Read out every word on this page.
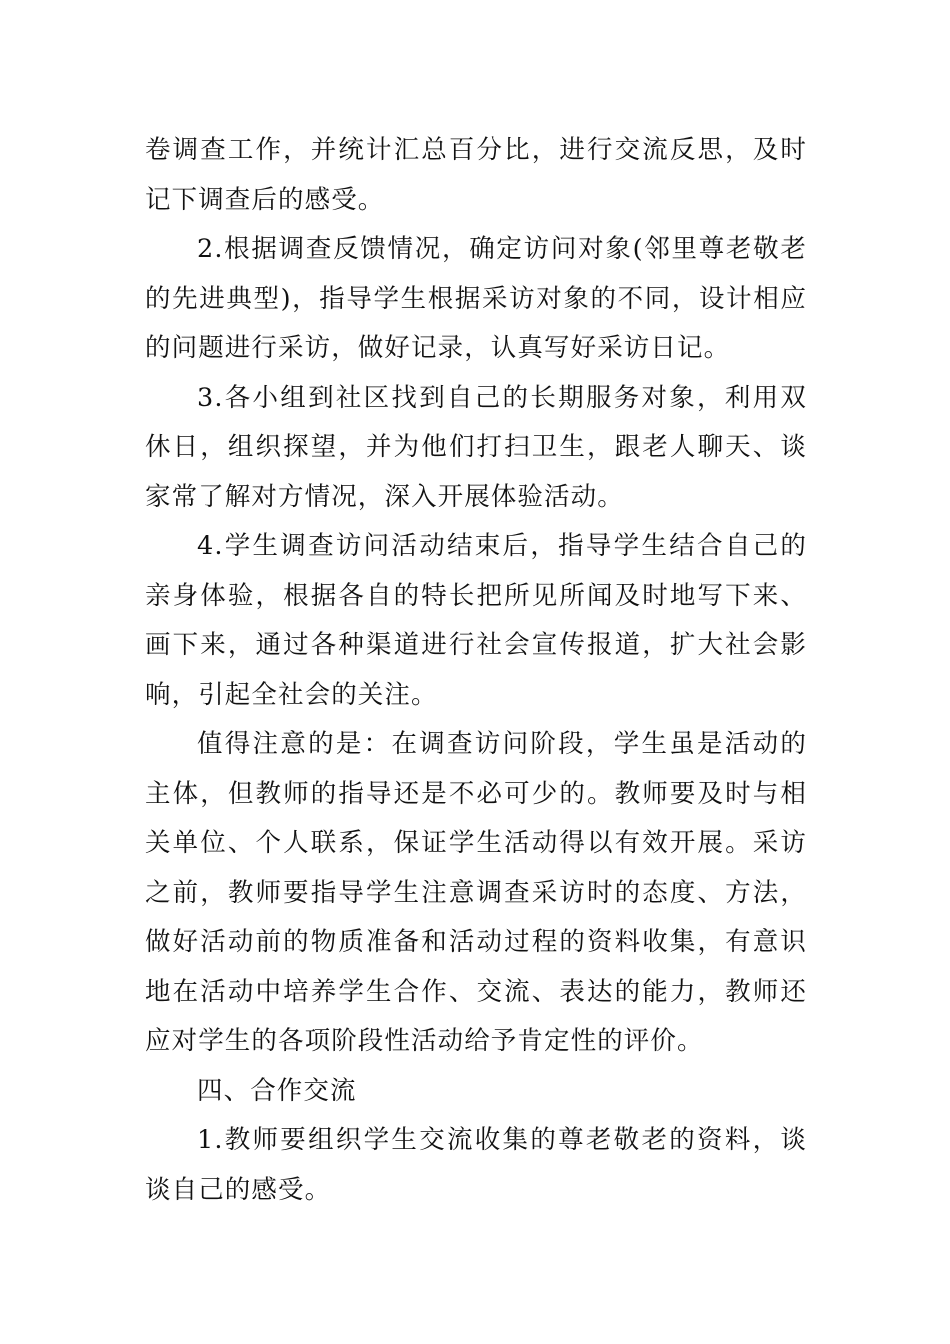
卷调查工作，并统计汇总百分比，进行交流反思，及时记下调查后的感受。

2.根据调查反馈情况，确定访问对象(邻里尊老敬老的先进典型)，指导学生根据采访对象的不同，设计相应的问题进行采访，做好记录，认真写好采访日记。

3.各小组到社区找到自己的长期服务对象，利用双休日，组织探望，并为他们打扫卫生，跟老人聊天、谈家常了解对方情况，深入开展体验活动。

4.学生调查访问活动结束后，指导学生结合自己的亲身体验，根据各自的特长把所见所闻及时地写下来、画下来，通过各种渠道进行社会宣传报道，扩大社会影响，引起全社会的关注。

值得注意的是：在调查访问阶段，学生虽是活动的主体，但教师的指导还是不必可少的。教师要及时与相关单位、个人联系，保证学生活动得以有效开展。采访之前，教师要指导学生注意调查采访时的态度、方法，做好活动前的物质准备和活动过程的资料收集，有意识地在活动中培养学生合作、交流、表达的能力，教师还应对学生的各项阶段性活动给予肯定性的评价。

四、合作交流

1.教师要组织学生交流收集的尊老敬老的资料，谈谈自己的感受。
